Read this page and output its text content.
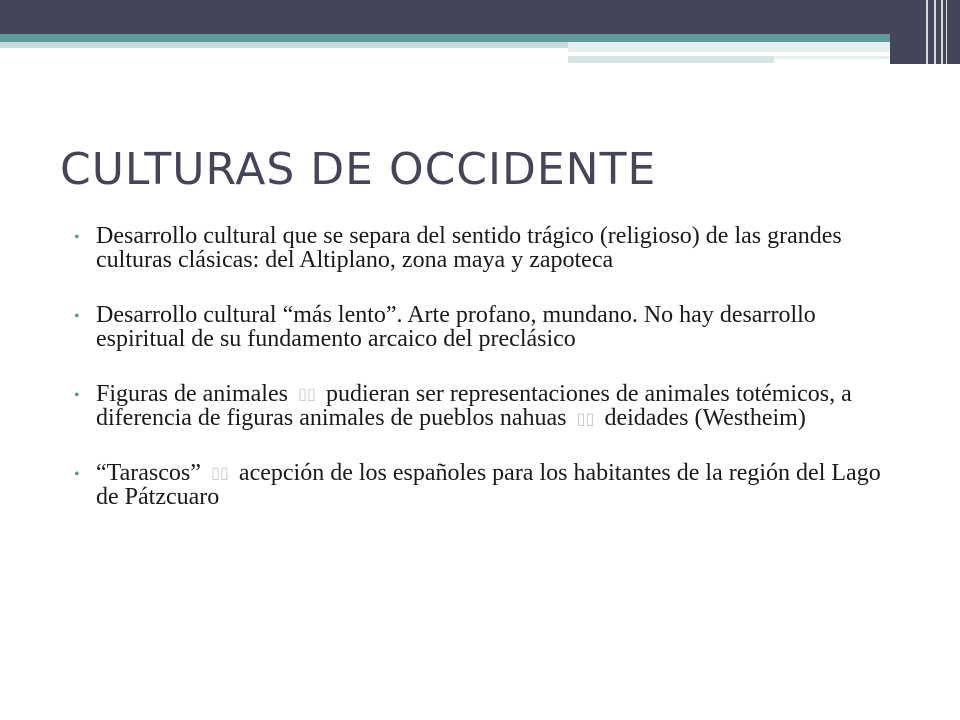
CULTURAS DE OCCIDENTE
• Desarrollo cultural que se separa del sentido trágico (religioso) de las grandes culturas clásicas: del Altiplano, zona maya y zapoteca
• Desarrollo cultural “más lento”. Arte profano, mundano. No hay desarrollo espiritual de su fundamento arcaico del preclásico
• Figuras de animales ▯▯ pudieran ser representaciones de animales totémicos, a diferencia de figuras animales de pueblos nahuas ▯▯ deidades (Westheim)
• “Tarascos” ▯▯ acepción de los españoles para los habitantes de la región del Lago de Pátzcuaro
